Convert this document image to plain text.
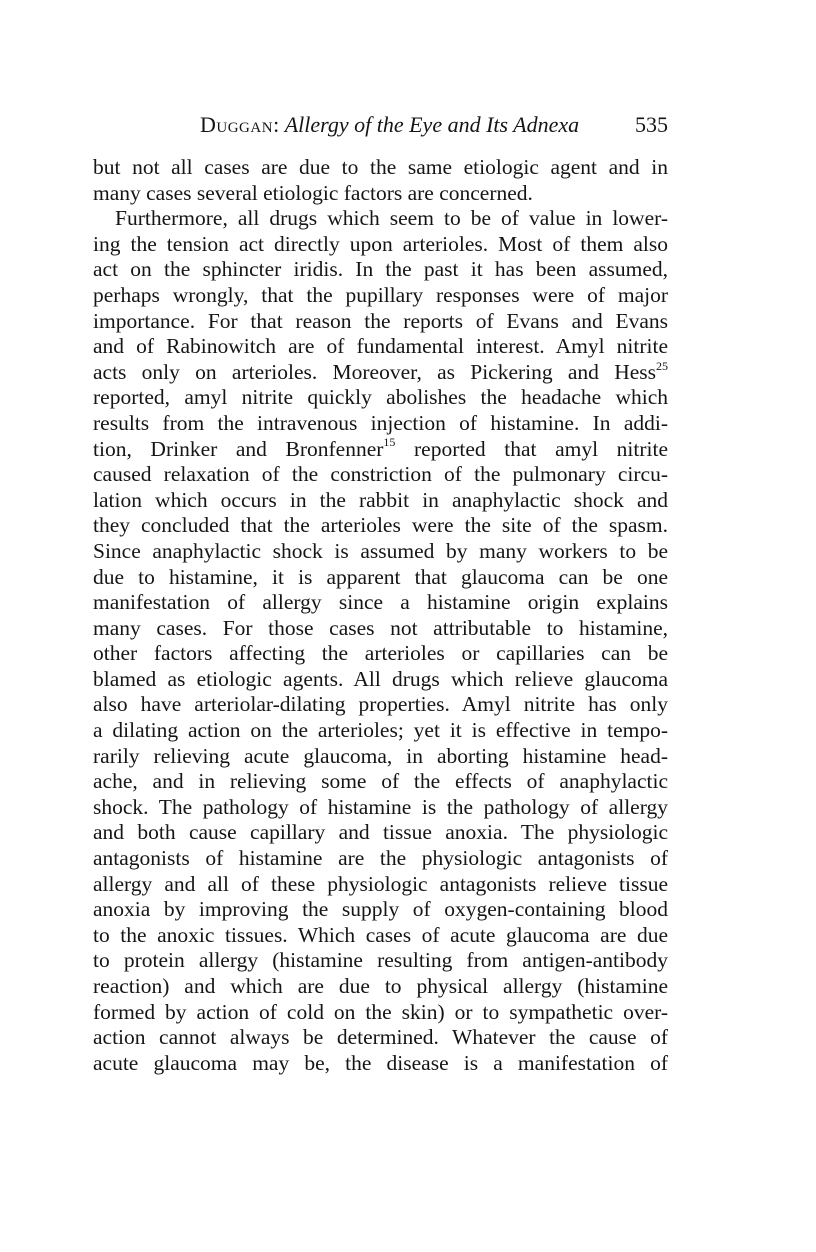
Duggan: Allergy of the Eye and Its Adnexa	535
but not all cases are due to the same etiologic agent and in
many cases several etiologic factors are concerned.
Furthermore, all drugs which seem to be of value in lower-
ing the tension act directly upon arterioles. Most of them also
act on the sphincter iridis. In the past it has been assumed,
perhaps wrongly, that the pupillary responses were of major
importance. For that reason the reports of Evans and Evans
and of Rabinowitch are of fundamental interest. Amyl nitrite
acts only on arterioles. Moreover, as Pickering and Hess$^{25}$
reported, amyl nitrite quickly abolishes the headache which
results from the intravenous injection of histamine. In addi-
tion, Drinker and Bronfenner$^{15}$ reported that amyl nitrite
caused relaxation of the constriction of the pulmonary circu-
lation which occurs in the rabbit in anaphylactic shock and
they concluded that the arterioles were the site of the spasm.
Since anaphylactic shock is assumed by many workers to be
due to histamine, it is apparent that glaucoma can be one
manifestation of allergy since a histamine origin explains
many cases. For those cases not attributable to histamine,
other factors affecting the arterioles or capillaries can be
blamed as etiologic agents. All drugs which relieve glaucoma
also have arteriolar-dilating properties. Amyl nitrite has only
a dilating action on the arterioles; yet it is effective in tempo-
rarily relieving acute glaucoma, in aborting histamine head-
ache, and in relieving some of the effects of anaphylactic
shock. The pathology of histamine is the pathology of allergy
and both cause capillary and tissue anoxia. The physiologic
antagonists of histamine are the physiologic antagonists of
allergy and all of these physiologic antagonists relieve tissue
anoxia by improving the supply of oxygen-containing blood
to the anoxic tissues. Which cases of acute glaucoma are due
to protein allergy (histamine resulting from antigen-antibody
reaction) and which are due to physical allergy (histamine
formed by action of cold on the skin) or to sympathetic over-
action cannot always be determined. Whatever the cause of
acute glaucoma may be, the disease is a manifestation of
